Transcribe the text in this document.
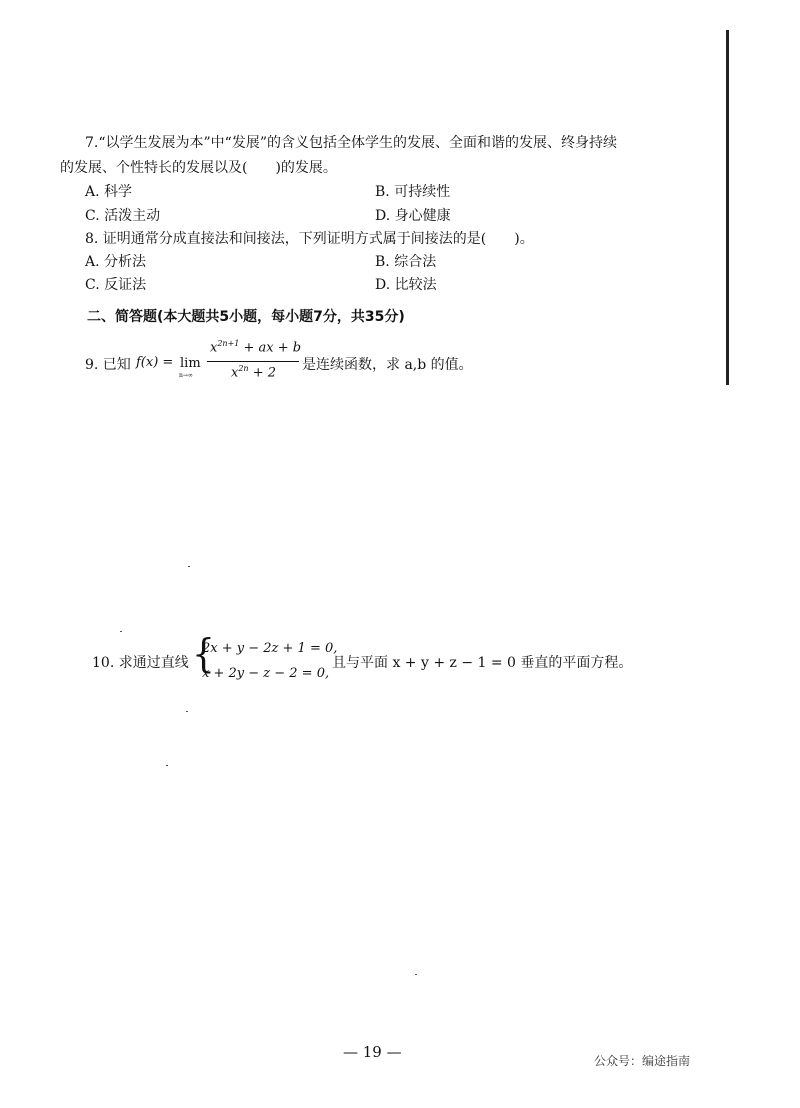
7.“以学生发展为本”中“发展”的含义包括全体学生的发展、全面和谐的发展、终身持续
的发展、个性特长的发展以及(　　)的发展。
A. 科学	B. 可持续性
C. 活泼主动	D. 身心健康
8. 证明通常分成直接法和间接法，下列证明方式属于间接法的是(　　)。
A. 分析法	B. 综合法
C. 反证法	D. 比较法
二、简答题(本大题共5小题，每小题7分，共35分)
9. 已知 f(x) = lim
n→∞
$x^{2n+1}$ + ax + b
$x^{2n} + 2$ 是连续函数，求 a,b 的值。
10. 求通过直线 {
2x + y − 2z + 1 = 0,
x + 2y − z − 2 = 0,
且与平面 x + y + z − 1 = 0 垂直的平面方程。
— 19 —	公众号：编途指南
